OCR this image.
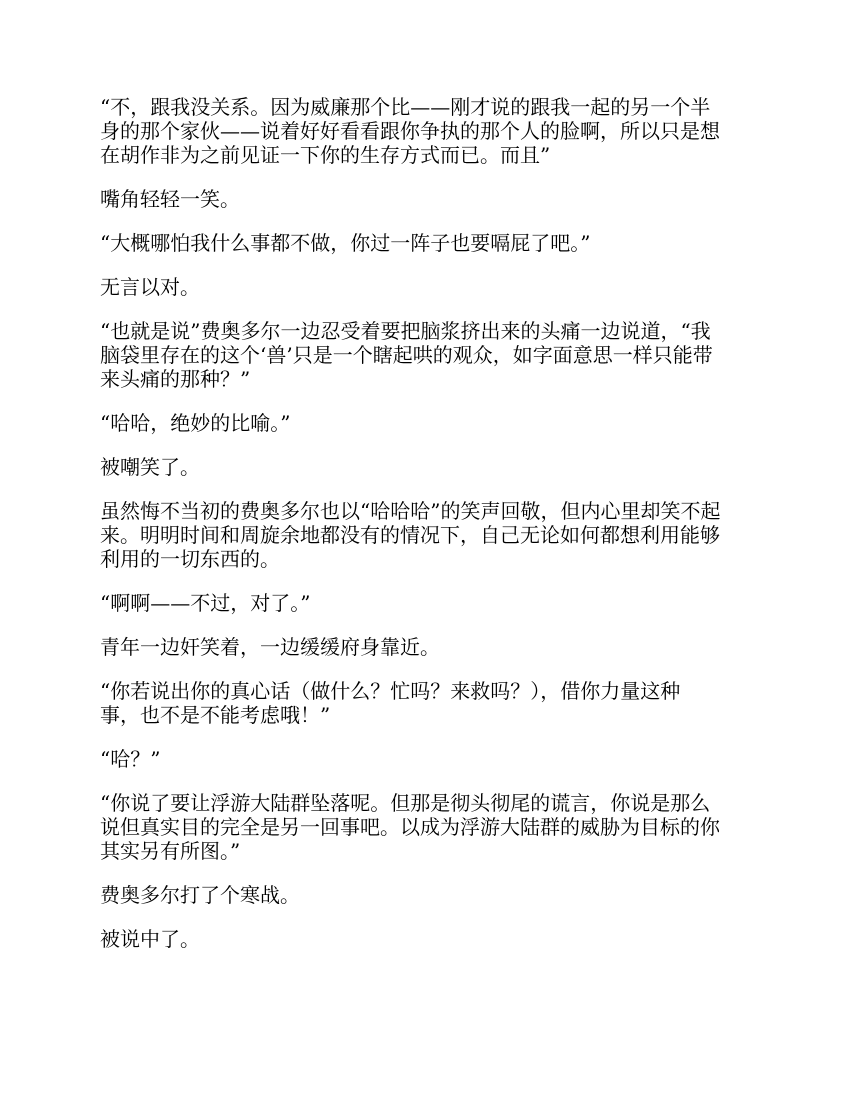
“不，跟我没关系。因为威廉那个比——刚才说的跟我一起的另一个半
身的那个家伙——说着好好看看跟你争执的那个人的脸啊，所以只是想
在胡作非为之前见证一下你的生存方式而已。而且”

嘴角轻轻一笑。

“大概哪怕我什么事都不做，你过一阵子也要嗝屁了吧。”

无言以对。

“也就是说”费奥多尔一边忍受着要把脑浆挤出来的头痛一边说道，“我
脑袋里存在的这个‘兽’只是一个瞎起哄的观众，如字面意思一样只能带
来头痛的那种？”

“哈哈，绝妙的比喻。”

被嘲笑了。

虽然悔不当初的费奥多尔也以“哈哈哈”的笑声回敬，但内心里却笑不起
来。明明时间和周旋余地都没有的情况下，自己无论如何都想利用能够
利用的一切东西的。

“啊啊——不过，对了。”

青年一边奸笑着，一边缓缓府身靠近。

“你若说出你的真心话（做什么？忙吗？来救吗？），借你力量这种
事，也不是不能考虑哦！”

“哈？”

“你说了要让浮游大陆群坠落呢。但那是彻头彻尾的谎言，你说是那么
说但真实目的完全是另一回事吧。以成为浮游大陆群的威胁为目标的你
其实另有所图。”

费奥多尔打了个寒战。

被说中了。
